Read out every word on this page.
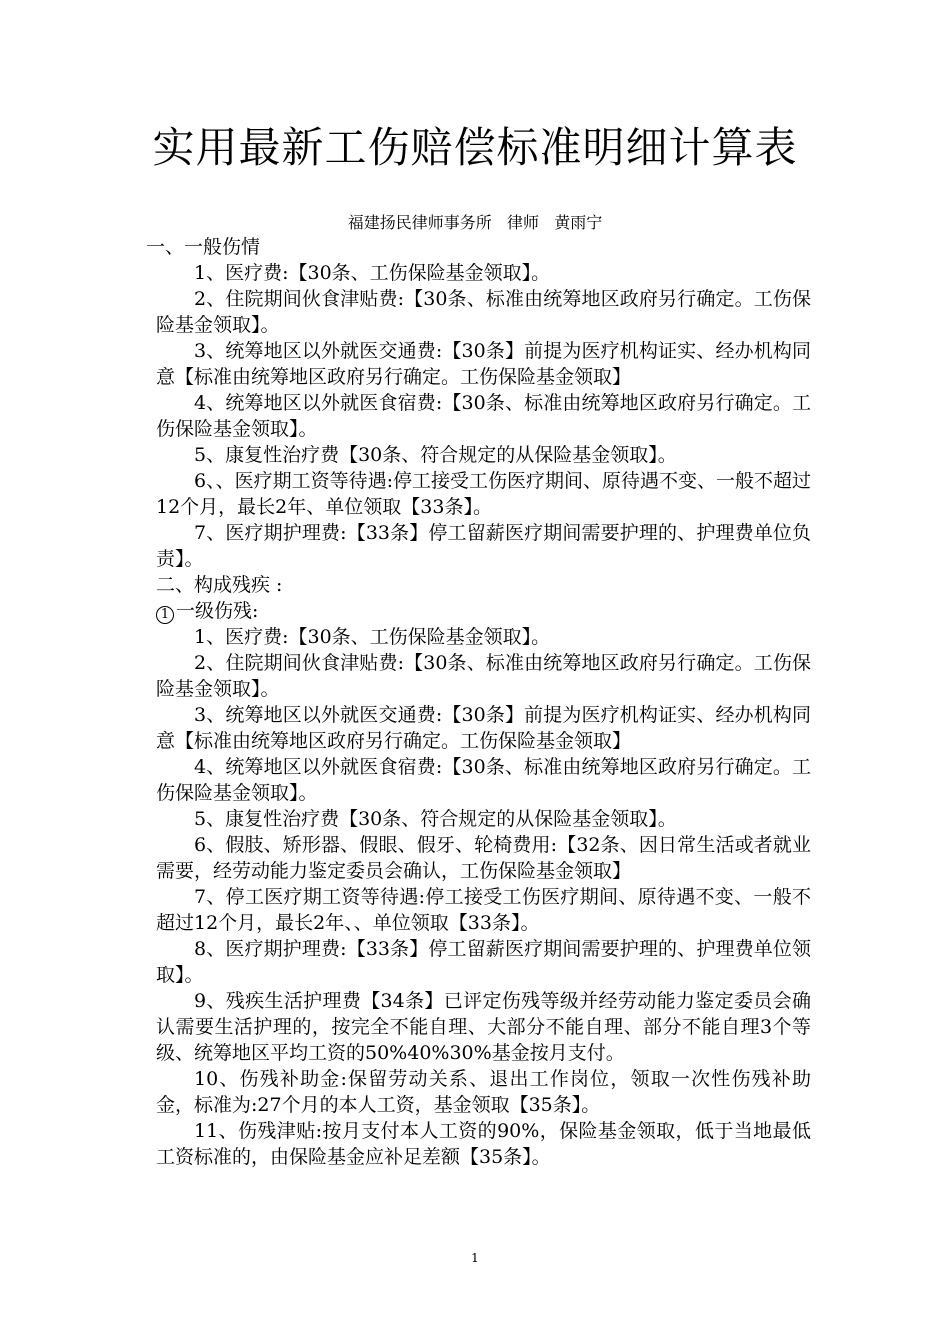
实用最新工伤赔偿标准明细计算表
福建扬民律师事务所   律师   黄雨宁

一、一般伤情

1、医疗费:【30条、工伤保险基金领取】。

2、住院期间伙食津贴费:【30条、标准由统筹地区政府另行确定。工伤保险基金领取】。

3、统筹地区以外就医交通费:【30条】前提为医疗机构证实、经办机构同意【标准由统筹地区政府另行确定。工伤保险基金领取】

4、统筹地区以外就医食宿费:【30条、标准由统筹地区政府另行确定。工伤保险基金领取】。

5、康复性治疗费【30条、符合规定的从保险基金领取】。

6、、医疗期工资等待遇:停工接受工伤医疗期间、原待遇不变、一般不超过12个月，最长2年、单位领取【33条】。

7、医疗期护理费:【33条】停工留薪医疗期间需要护理的、护理费单位负责】。

二、构成残疾 :

1 一级伤残:

1、医疗费:【30条、工伤保险基金领取】。

2、住院期间伙食津贴费:【30条、标准由统筹地区政府另行确定。工伤保险基金领取】。

3、统筹地区以外就医交通费:【30条】前提为医疗机构证实、经办机构同意【标准由统筹地区政府另行确定。工伤保险基金领取】

4、统筹地区以外就医食宿费:【30条、标准由统筹地区政府另行确定。工伤保险基金领取】。

5、康复性治疗费【30条、符合规定的从保险基金领取】。

6、假肢、矫形器、假眼、假牙、轮椅费用:【32条、因日常生活或者就业需要，经劳动能力鉴定委员会确认，工伤保险基金领取】

7、停工医疗期工资等待遇:停工接受工伤医疗期间、原待遇不变、一般不超过12个月，最长2年、、单位领取【33条】。

8、医疗期护理费:【33条】停工留薪医疗期间需要护理的、护理费单位领取】。

9、残疾生活护理费【34条】已评定伤残等级并经劳动能力鉴定委员会确认需要生活护理的，按完全不能自理、大部分不能自理、部分不能自理3个等级、统筹地区平均工资的50%40%30%基金按月支付。

10、伤残补助金:保留劳动关系、退出工作岗位，领取一次性伤残补助金，标准为:27个月的本人工资，基金领取【35条】。

11、伤残津贴:按月支付本人工资的90%，保险基金领取，低于当地最低工资标准的，由保险基金应补足差额【35条】。

1
